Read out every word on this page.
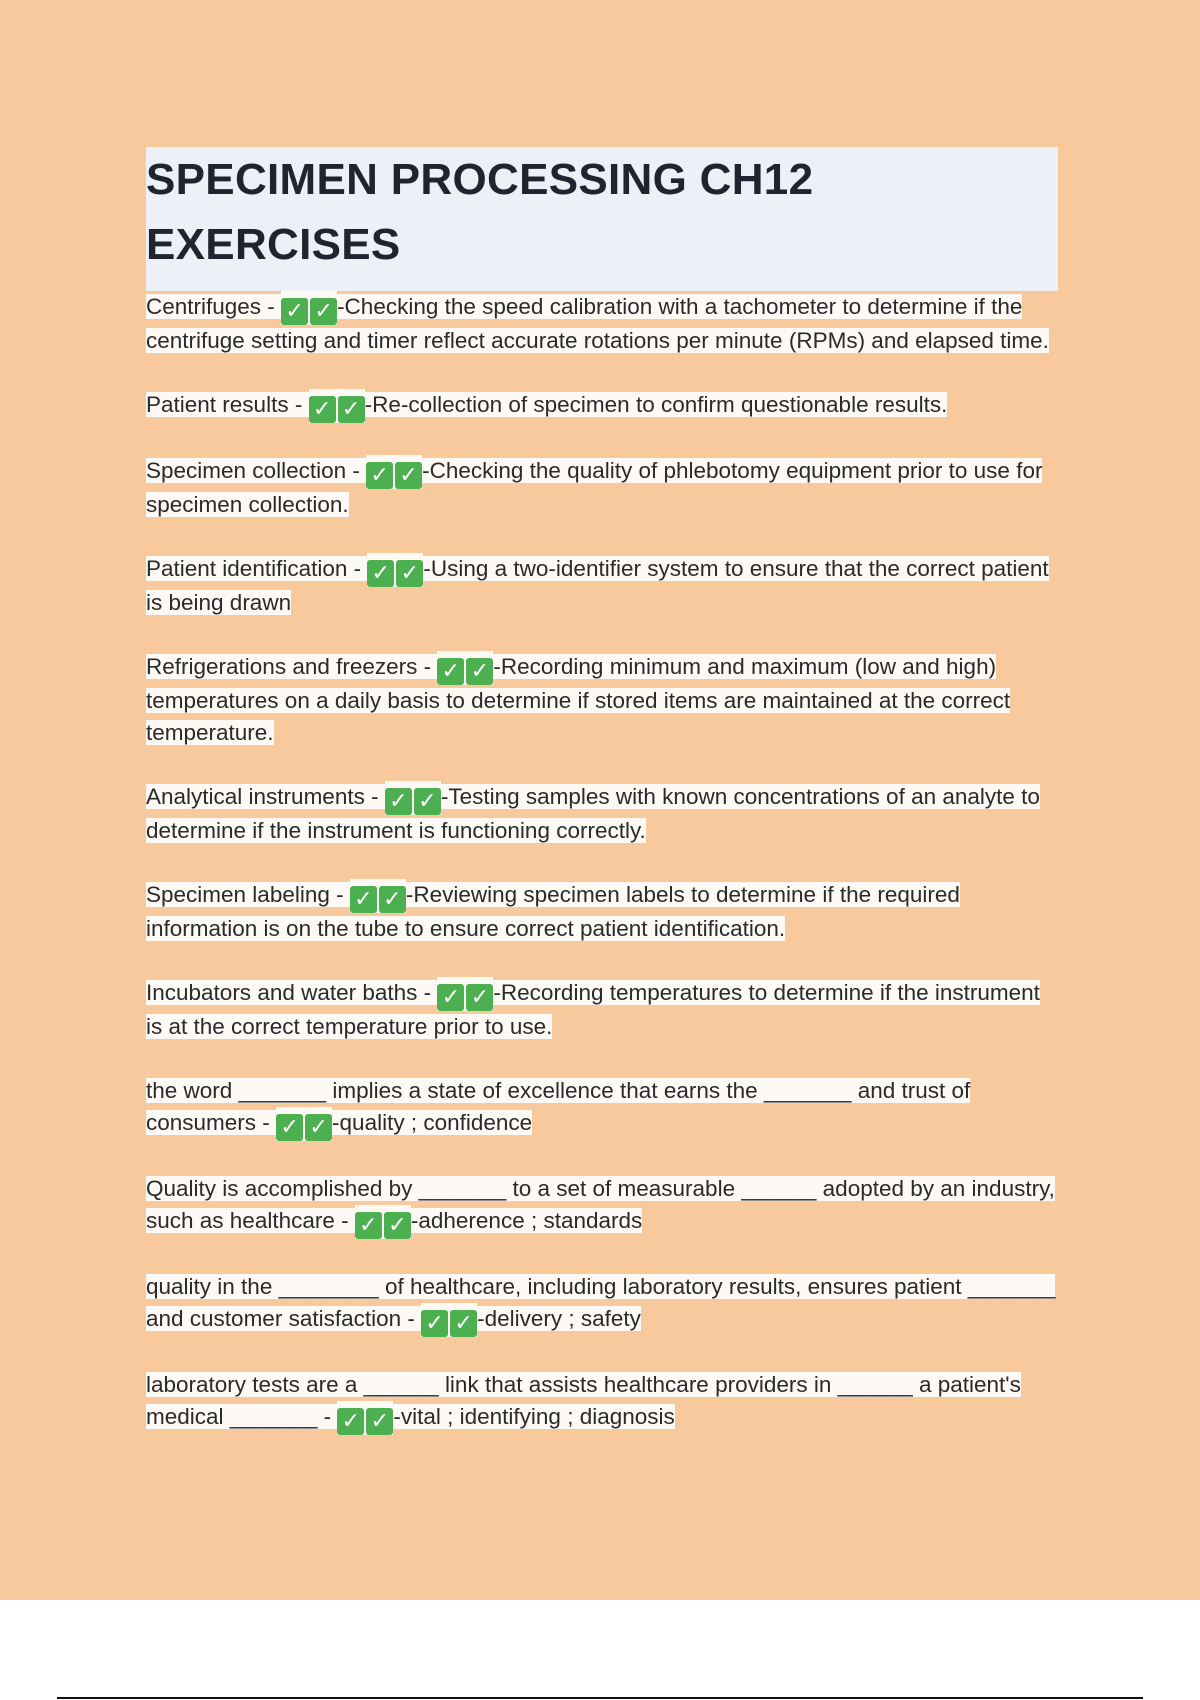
SPECIMEN PROCESSING CH12 EXERCISES

Centrifuges - ✓ ✓ -Checking the speed calibration with a tachometer to determine if the centrifuge setting and timer reflect accurate rotations per minute (RPMs) and elapsed time.

Patient results - ✓ ✓ -Re-collection of specimen to confirm questionable results.

Specimen collection - ✓ ✓ -Checking the quality of phlebotomy equipment prior to use for specimen collection.

Patient identification - ✓ ✓ -Using a two-identifier system to ensure that the correct patient is being drawn

Refrigerations and freezers - ✓ ✓ -Recording minimum and maximum (low and high) temperatures on a daily basis to determine if stored items are maintained at the correct temperature.

Analytical instruments - ✓ ✓ -Testing samples with known concentrations of an analyte to determine if the instrument is functioning correctly.

Specimen labeling - ✓ ✓ -Reviewing specimen labels to determine if the required information is on the tube to ensure correct patient identification.

Incubators and water baths - ✓ ✓ -Recording temperatures to determine if the instrument is at the correct temperature prior to use.

the word _______ implies a state of excellence that earns the _______ and trust of consumers - ✓ ✓ -quality ; confidence

Quality is accomplished by _______ to a set of measurable ______ adopted by an industry, such as healthcare - ✓ ✓ -adherence ; standards

quality in the ________ of healthcare, including laboratory results, ensures patient _______ and customer satisfaction - ✓ ✓ -delivery ; safety

laboratory tests are a ______ link that assists healthcare providers in ______ a patient's medical _______ - ✓ ✓ -vital ; identifying ; diagnosis
